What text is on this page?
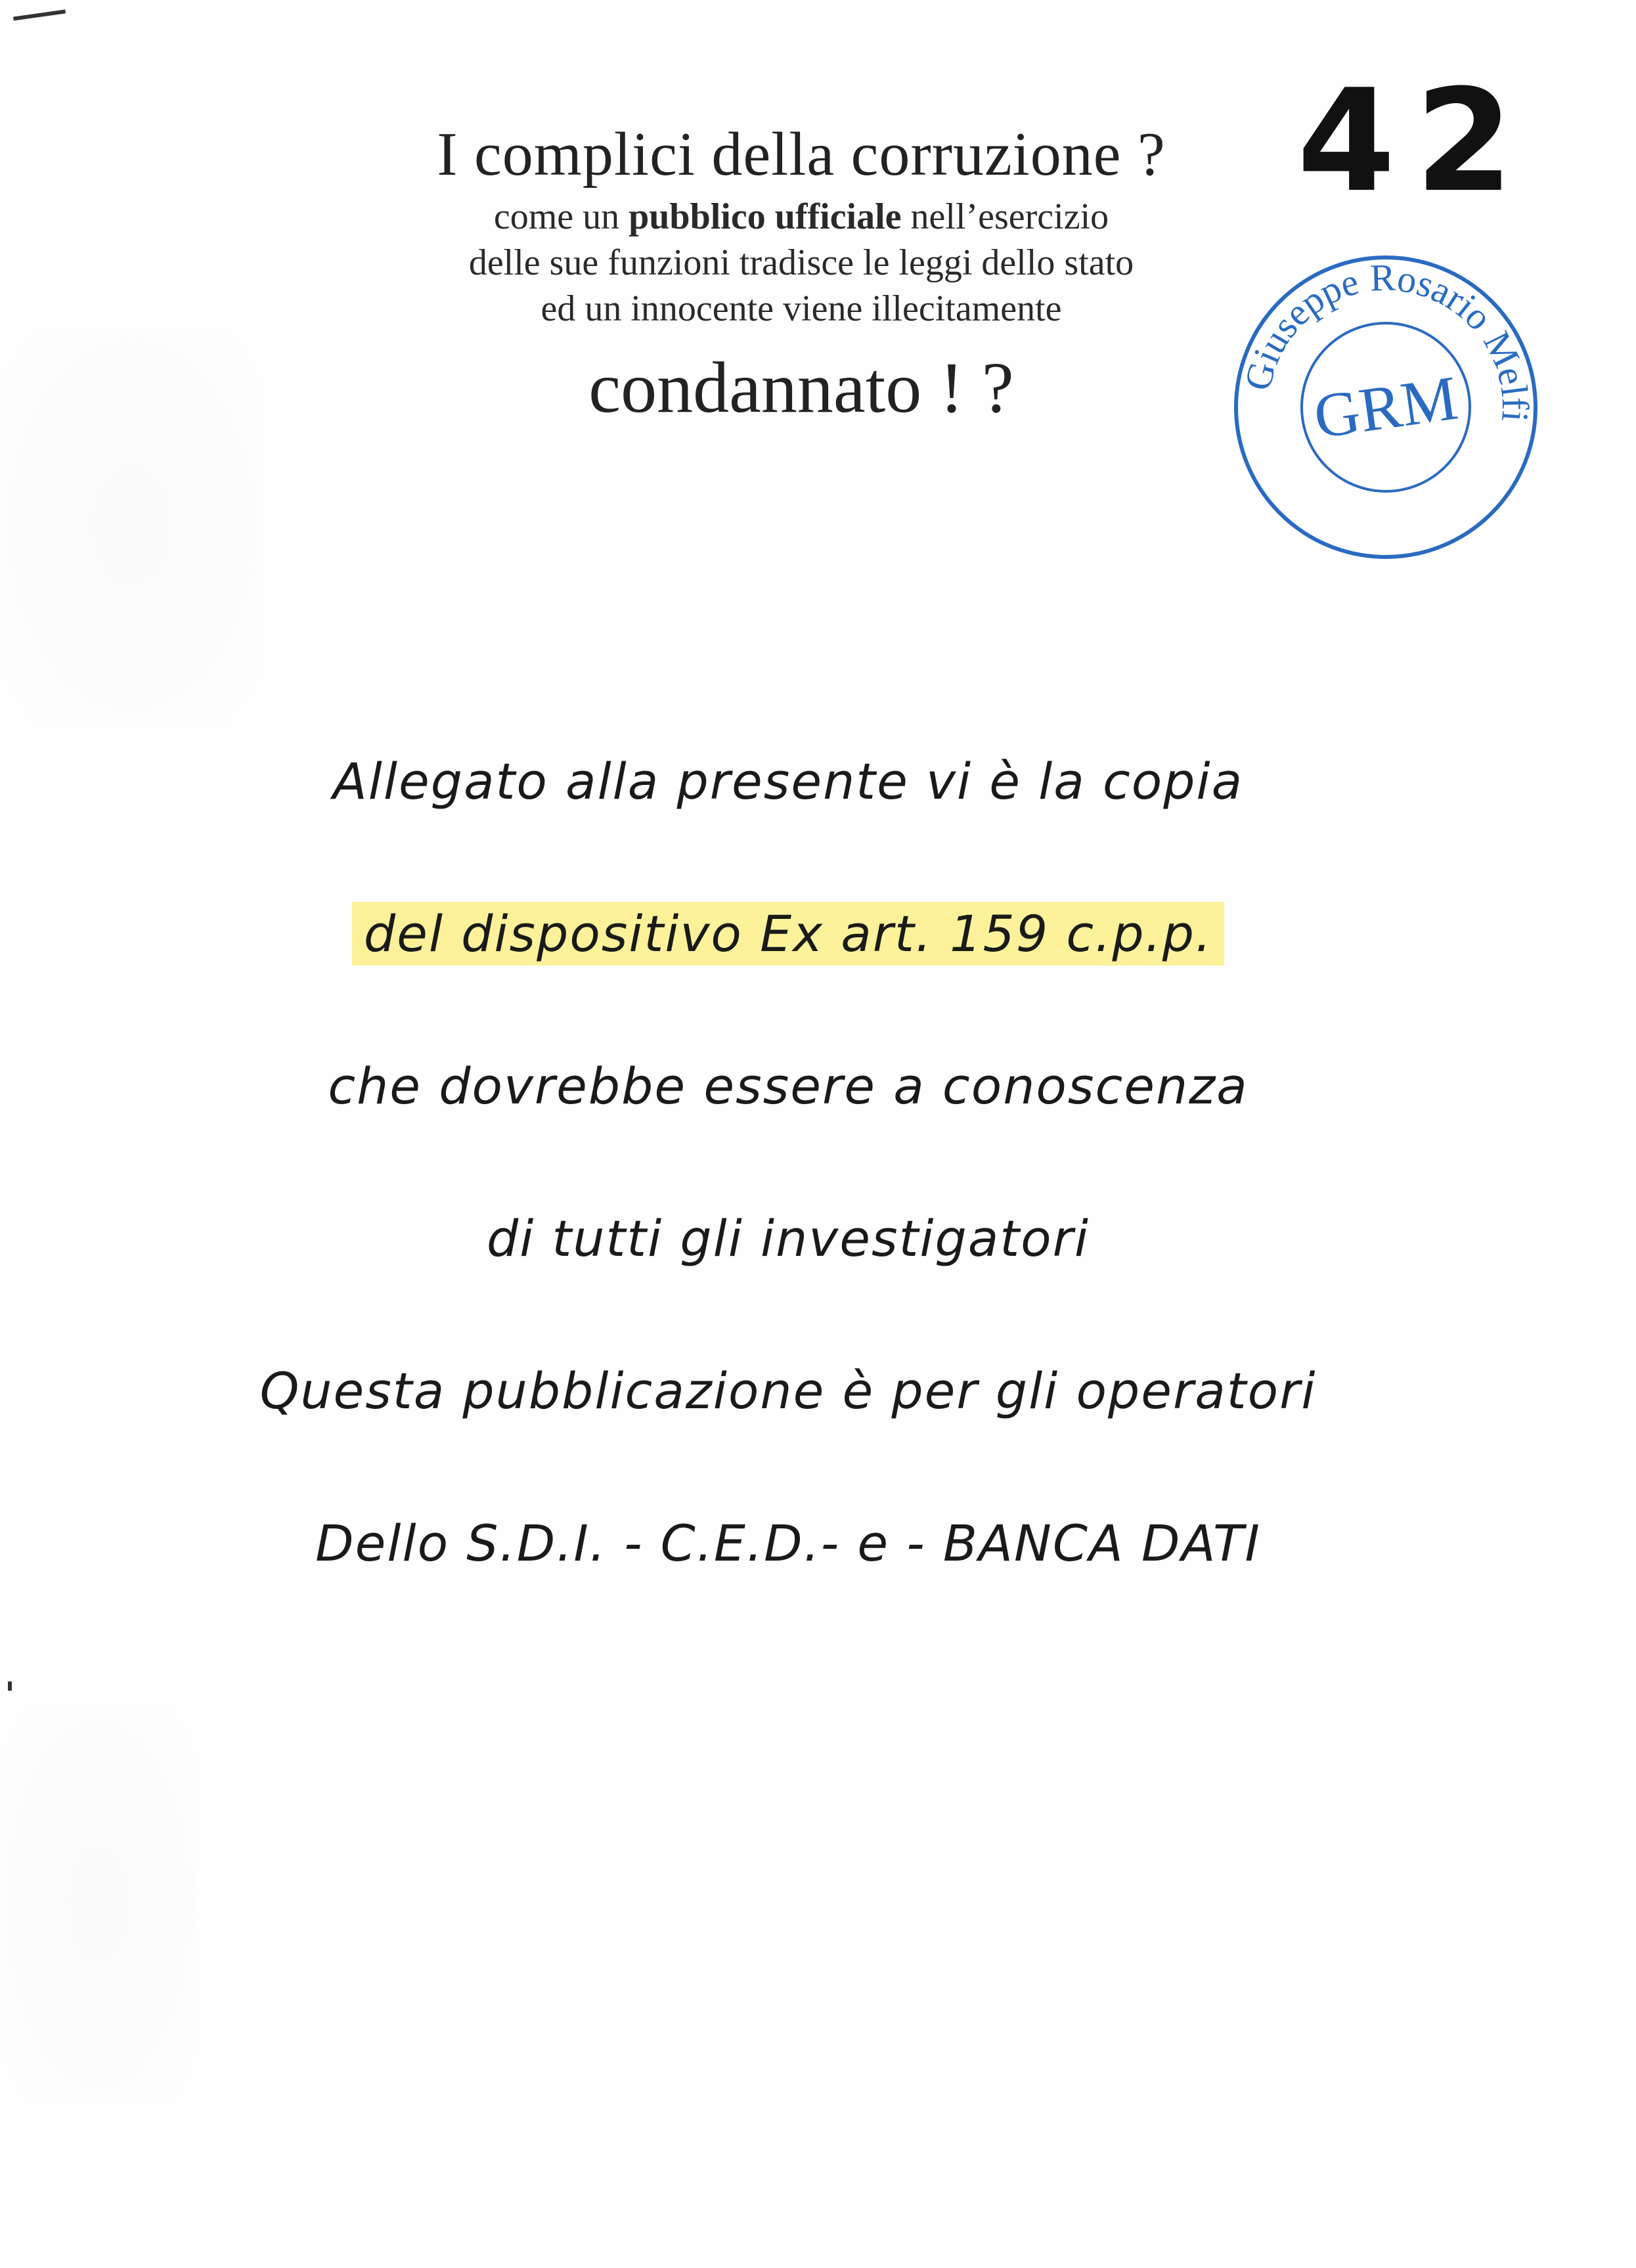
I complici della corruzione ?
come un pubblico ufficiale nell’esercizio
delle sue funzioni tradisce le leggi dello stato
ed un innocente viene illecitamente
condannato ! ?
42
Giuseppe Rosario Melfi
GRM
Allegato alla presente vi è la copia
del dispositivo Ex art. 159 c.p.p.
che dovrebbe essere a conoscenza
di tutti gli investigatori
Questa pubblicazione è per gli operatori
Dello S.D.I. - C.E.D.- e - BANCA DATI
